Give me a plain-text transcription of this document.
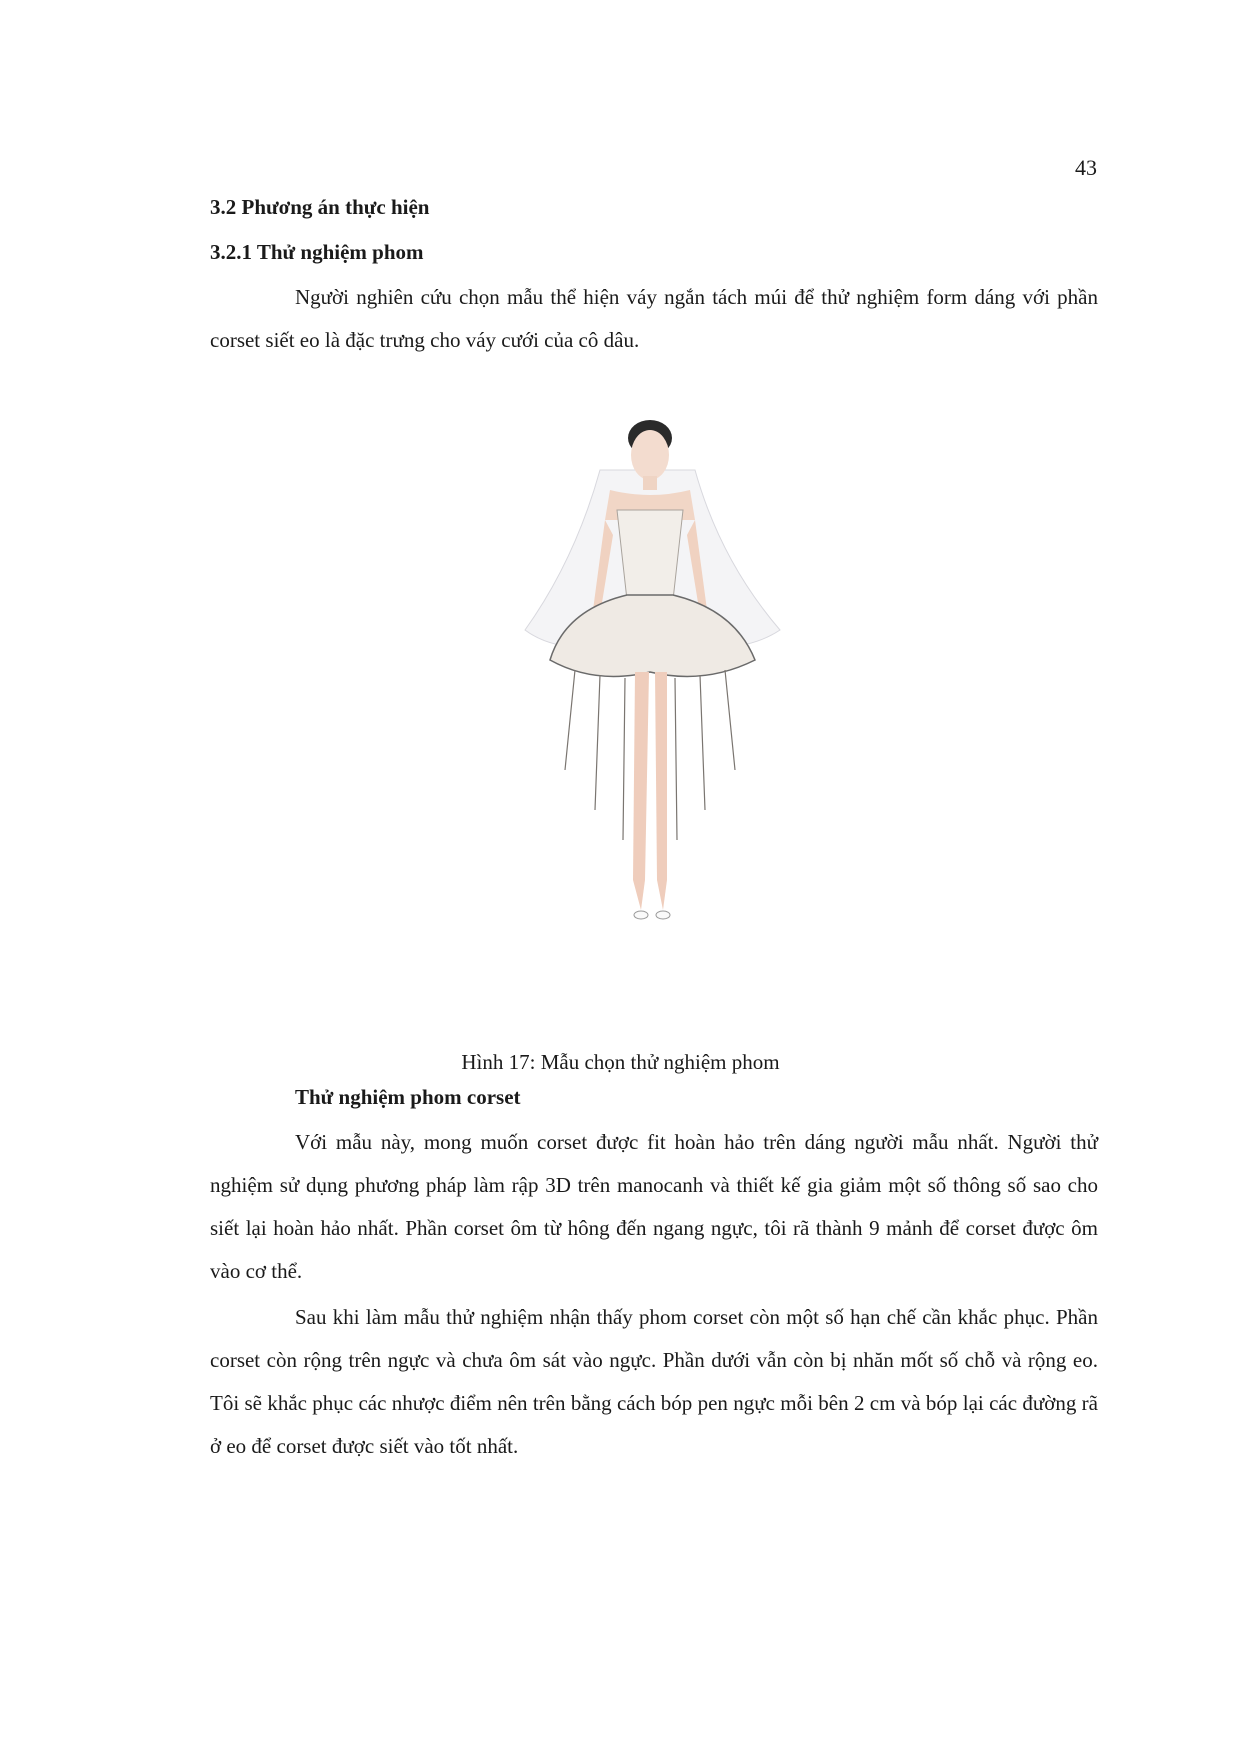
43
3.2 Phương án thực hiện
3.2.1 Thử nghiệm phom
Người nghiên cứu chọn mẫu thể hiện váy ngắn tách múi để thử nghiệm form dáng với phần corset siết eo là đặc trưng cho váy cưới của cô dâu.
Hình 17: Mẫu chọn thử nghiệm phom
Thử nghiệm phom corset
Với mẫu này, mong muốn corset được fit hoàn hảo trên dáng người mẫu nhất. Người thử nghiệm sử dụng phương pháp làm rập 3D trên manocanh và thiết kế gia giảm một số thông số sao cho siết lại hoàn hảo nhất. Phần corset ôm từ hông đến ngang ngực, tôi rã thành 9 mảnh để corset được ôm vào cơ thể.
Sau khi làm mẫu thử nghiệm nhận thấy phom corset còn một số hạn chế cần khắc phục. Phần corset còn rộng trên ngực và chưa ôm sát vào ngực. Phần dưới vẫn còn bị nhăn mốt số chỗ và rộng eo. Tôi sẽ khắc phục các nhược điểm nên trên bằng cách bóp pen ngực mỗi bên 2 cm và bóp lại các đường rã ở eo để corset được siết vào tốt nhất.
